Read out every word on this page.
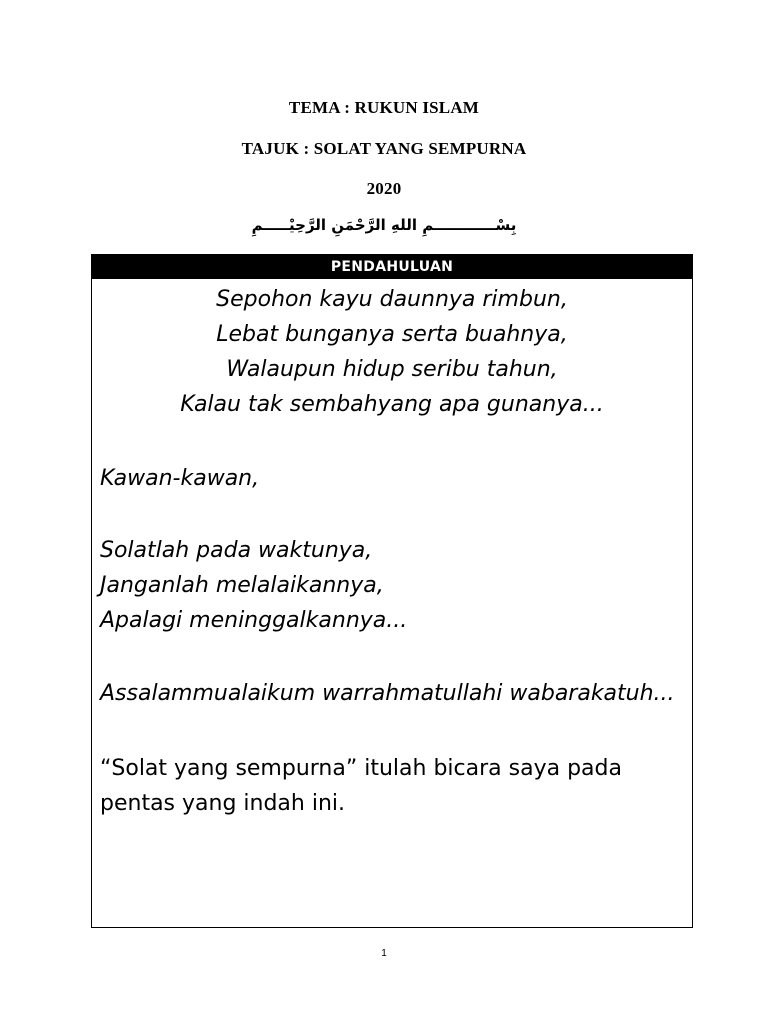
TEMA : RUKUN ISLAM
TAJUK : SOLAT YANG SEMPURNA
2020
بِسْــــــــــــمِ اللهِ الرَّحْمَنِ الرَّحِيْـــــمِ
PENDAHULUAN

Sepohon kayu daunnya rimbun,

Lebat bunganya serta buahnya,

Walaupun hidup seribu tahun,

Kalau tak sembahyang apa gunanya...

Kawan-kawan,

Solatlah pada waktunya,

Janganlah melalaikannya,

Apalagi meninggalkannya...

Assalammualaikum warrahmatullahi wabarakatuh...

“Solat yang sempurna” itulah bicara saya pada

pentas yang indah ini.

1
